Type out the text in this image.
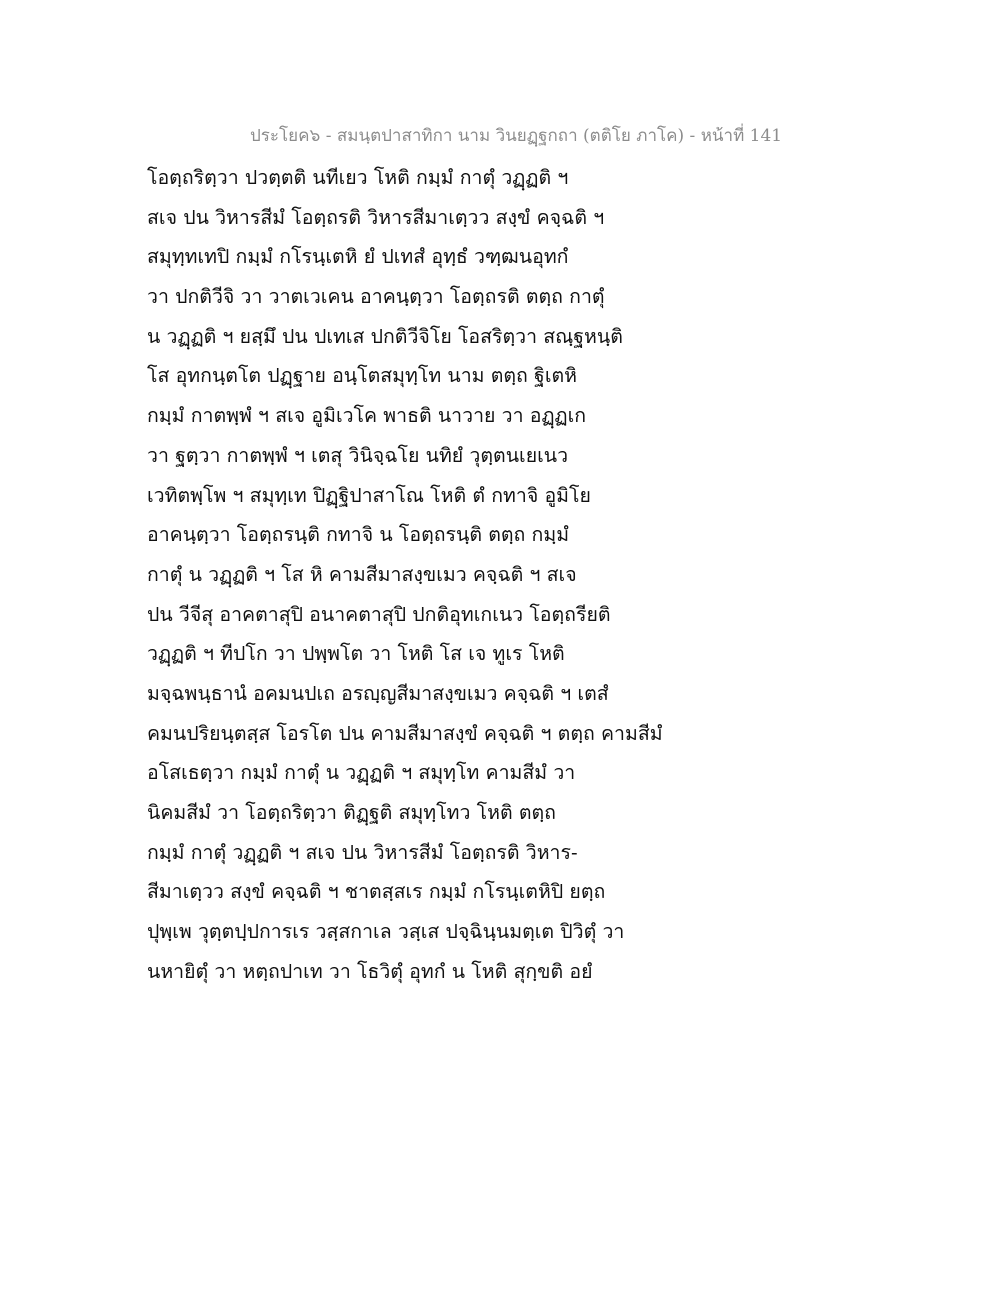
ประโยค๖ - สมนฺตปาสาทิกา นาม วินยฏฺฐกถา (ตติโย ภาโค) - หน้าที่ 141
โอตฺถริตฺวา ปวตฺตติ นทีเยว โหติ กมฺมํ กาตุํ วฏฺฏติ ฯ
สเจ ปน วิหารสีมํ โอตฺถรติ วิหารสีมาเตฺวว สงฺขํ คจฺฉติ ฯ
สมุทฺทเทปิ กมฺมํ กโรนฺเตหิ ยํ ปเทสํ อุทฺธํ วฑฺฒนอุทกํ
วา ปกติวีจิ วา วาตเวเคน อาคนฺตฺวา โอตฺถรติ ตตฺถ กาตุํ
น วฏฺฏติ ฯ ยสฺมึ ปน ปเทเส ปกติวีจิโย โอสริตฺวา สณฺฐหนฺติ
โส อุทกนฺตโต ปฏฺฐาย อนฺโตสมุทฺโท นาม ตตฺถ ฐิเตหิ
กมฺมํ กาตพฺพํ ฯ สเจ อูมิเวโค พาธติ นาวาย วา อฏฺฏเก
วา ฐตฺวา กาตพฺพํ ฯ เตสุ วินิจฺฉโย นทิยํ วุตฺตนเยเนว
เวทิตพฺโพ ฯ สมุทฺเท ปิฏฺฐิปาสาโณ โหติ ตํ กทาจิ อูมิโย
อาคนฺตฺวา โอตฺถรนฺติ กทาจิ น โอตฺถรนฺติ ตตฺถ กมฺมํ
กาตุํ น วฏฺฏติ ฯ โส หิ คามสีมาสงฺขเมว คจฺฉติ ฯ สเจ
ปน วีจีสุ อาคตาสุปิ อนาคตาสุปิ ปกติอุทเกเนว โอตฺถรียติ
วฏฺฏติ ฯ ทีปโก วา ปพฺพโต วา โหติ โส เจ ทูเร โหติ
มจฺฉพนฺธานํ อคมนปเถ อรญฺญสีมาสงฺขเมว คจฺฉติ ฯ เตสํ
คมนปริยนฺตสฺส โอรโต ปน คามสีมาสงฺขํ คจฺฉติ ฯ ตตฺถ คามสีมํ
อโสเธตฺวา กมฺมํ กาตุํ น วฏฺฏติ ฯ สมุทฺโท คามสีมํ วา
นิคมสีมํ วา โอตฺถริตฺวา ติฏฺฐติ สมุทฺโทว โหติ ตตฺถ
กมฺมํ กาตุํ วฏฺฏติ ฯ สเจ ปน วิหารสีมํ โอตฺถรติ วิหาร-
สีมาเตฺวว สงฺขํ คจฺฉติ ฯ ชาตสฺสเร กมฺมํ กโรนฺเตหิปิ ยตฺถ
ปุพฺเพ วุตฺตปฺปการเร วสฺสกาเล วสฺเส ปจฺฉินฺนมตฺเต ปิวิตุํ วา
นหายิตุํ วา หตฺถปาเท วา โธวิตุํ อุทกํ น โหติ สุกฺขติ อยํ
